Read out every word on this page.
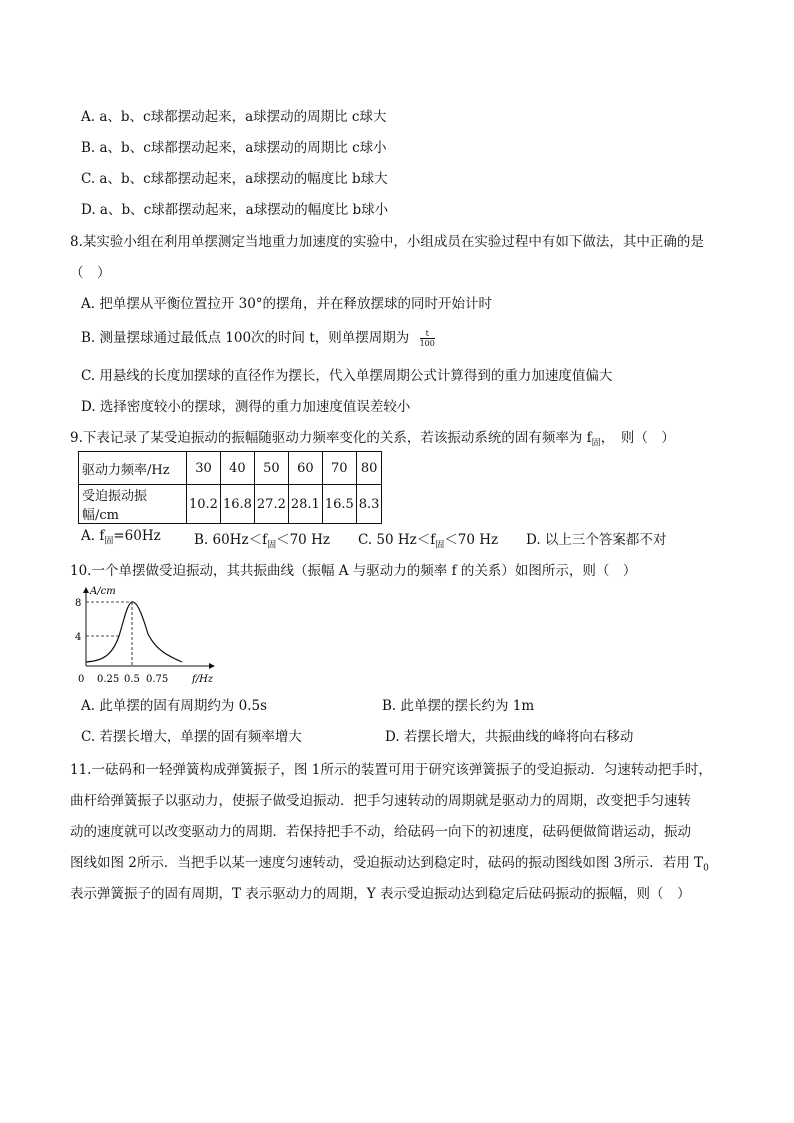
A. a、b、c球都摆动起来，a球摆动的周期比 c球大
B. a、b、c球都摆动起来，a球摆动的周期比 c球小
C. a、b、c球都摆动起来，a球摆动的幅度比 b球大
D. a、b、c球都摆动起来，a球摆动的幅度比 b球小
8.某实验小组在利用单摆测定当地重力加速度的实验中，小组成员在实验过程中有如下做法，其中正确的是
（　）
A. 把单摆从平衡位置拉开 30°的摆角，并在释放摆球的同时开始计时
B. 测量摆球通过最低点 100次的时间 t，则单摆周期为 $\frac{t}{100}$
C. 用悬线的长度加摆球的直径作为摆长，代入单摆周期公式计算得到的重力加速度值偏大
D. 选择密度较小的摆球，测得的重力加速度值误差较小
9.下表记录了某受迫振动的振幅随驱动力频率变化的关系，若该振动系统的固有频率为 $f_固$，　则（　）
驱动力频率/Hz	30	40	50	60	70	80
受迫振动振幅/cm	10.2	16.8	27.2	28.1	16.5	8.3
A. $f_固=60Hz$ B. $60Hz<f_固<70$ Hz C. 50 $Hz<f_固<70$ Hz D. 以上三个答案都不对
10.一个单摆做受迫振动，其共振曲线（振幅 A 与驱动力的频率 f 的关系）如图所示，则（　）
A/cm
f/Hz
0
8
4
0.25 0.5 0.75
A. 此单摆的固有周期约为 0.5s	B. 此单摆的摆长约为 1m
C. 若摆长增大，单摆的固有频率增大	D. 若摆长增大，共振曲线的峰将向右移动
11.一砝码和一轻弹簧构成弹簧振子，图 1所示的装置可用于研究该弹簧振子的受迫振动．匀速转动把手时，
曲杆给弹簧振子以驱动力，使振子做受迫振动．把手匀速转动的周期就是驱动力的周期，改变把手匀速转
动的速度就可以改变驱动力的周期．若保持把手不动，给砝码一向下的初速度，砝码便做简谐运动，振动
图线如图 2所示．当把手以某一速度匀速转动，受迫振动达到稳定时，砝码的振动图线如图 3所示．若用 $T_0$
表示弹簧振子的固有周期，T 表示驱动力的周期，Y 表示受迫振动达到稳定后砝码振动的振幅，则（　）
